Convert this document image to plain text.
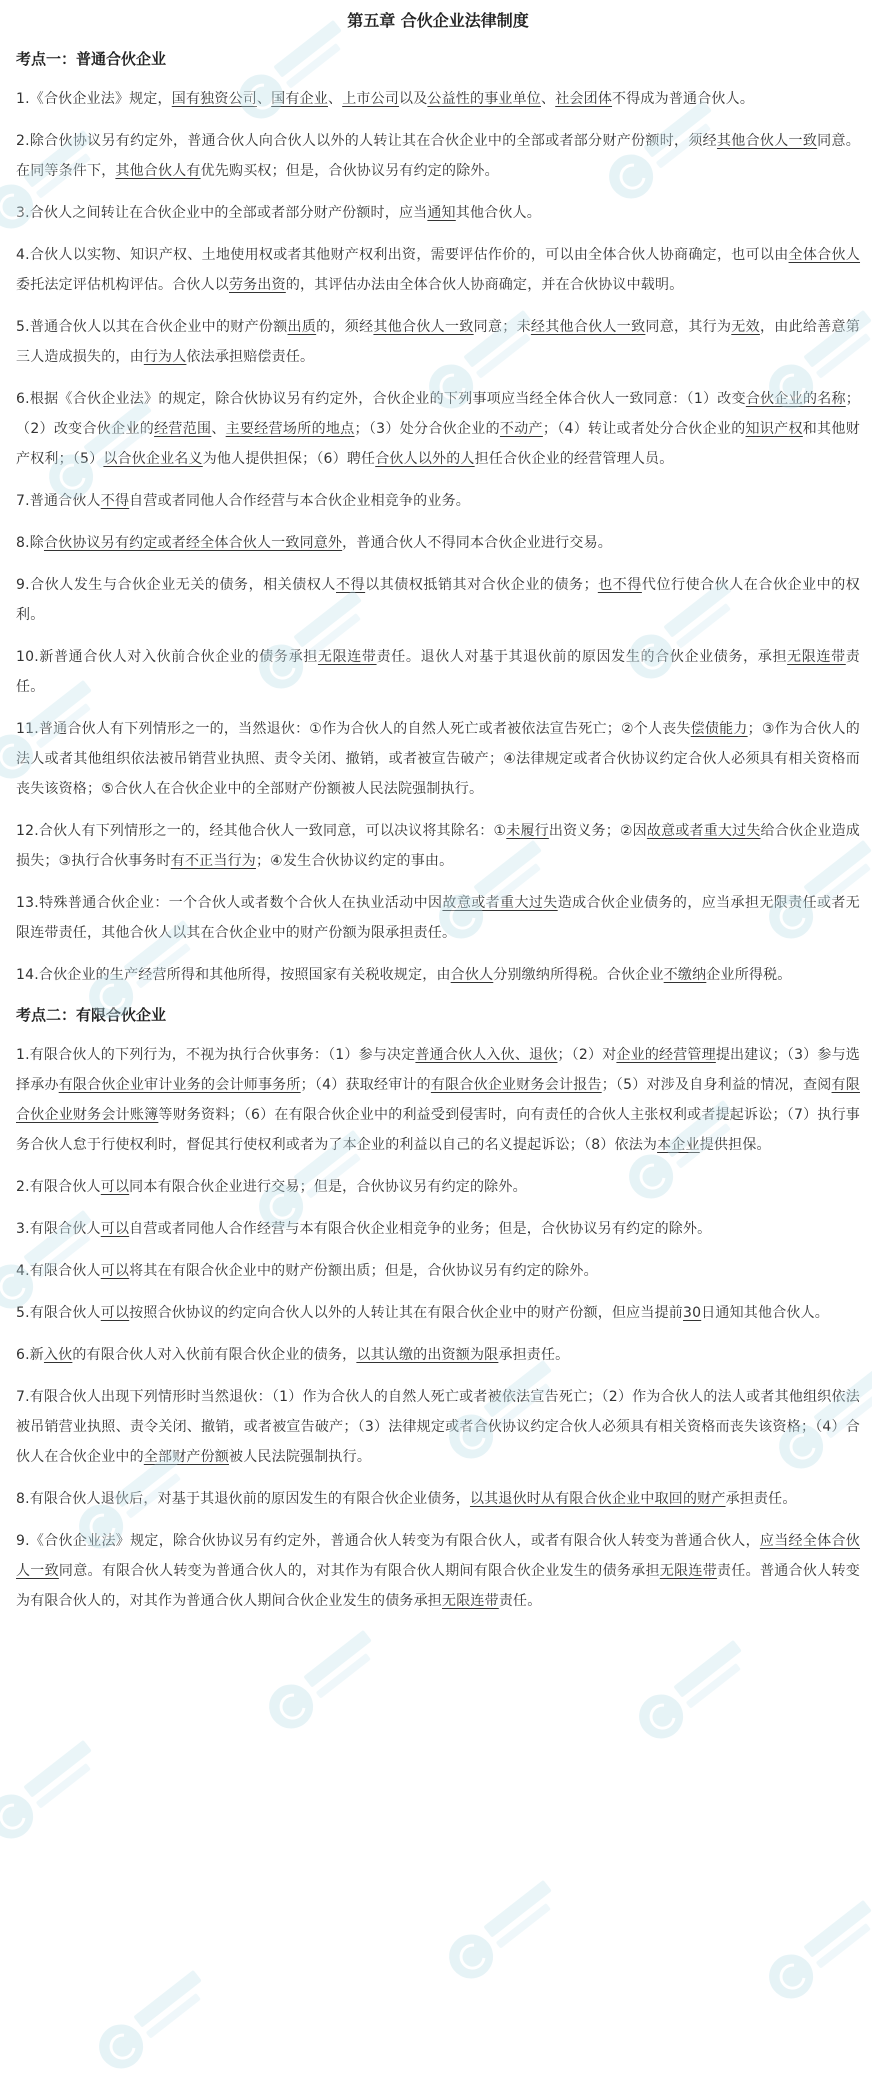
第五章 合伙企业法律制度
考点一：普通合伙企业

1.《合伙企业法》规定，国有独资公司、国有企业、上市公司以及公益性的事业单位、社会团体不得成为普通合伙人。

2.除合伙协议另有约定外，普通合伙人向合伙人以外的人转让其在合伙企业中的全部或者部分财产份额时，须经其他合伙人一致同意。在同等条件下，其他合伙人有优先购买权；但是，合伙协议另有约定的除外。

3.合伙人之间转让在合伙企业中的全部或者部分财产份额时，应当通知其他合伙人。

4.合伙人以实物、知识产权、土地使用权或者其他财产权利出资，需要评估作价的，可以由全体合伙人协商确定，也可以由全体合伙人委托法定评估机构评估。合伙人以劳务出资的，其评估办法由全体合伙人协商确定，并在合伙协议中载明。

5.普通合伙人以其在合伙企业中的财产份额出质的，须经其他合伙人一致同意；未经其他合伙人一致同意，其行为无效，由此给善意第三人造成损失的，由行为人依法承担赔偿责任。

6.根据《合伙企业法》的规定，除合伙协议另有约定外，合伙企业的下列事项应当经全体合伙人一致同意：（1）改变合伙企业的名称；（2）改变合伙企业的经营范围、主要经营场所的地点；（3）处分合伙企业的不动产；（4）转让或者处分合伙企业的知识产权和其他财产权利；（5）以合伙企业名义为他人提供担保；（6）聘任合伙人以外的人担任合伙企业的经营管理人员。

7.普通合伙人不得自营或者同他人合作经营与本合伙企业相竞争的业务。

8.除合伙协议另有约定或者经全体合伙人一致同意外，普通合伙人不得同本合伙企业进行交易。

9.合伙人发生与合伙企业无关的债务，相关债权人不得以其债权抵销其对合伙企业的债务；也不得代位行使合伙人在合伙企业中的权利。

10.新普通合伙人对入伙前合伙企业的债务承担无限连带责任。退伙人对基于其退伙前的原因发生的合伙企业债务，承担无限连带责任。

11.普通合伙人有下列情形之一的，当然退伙：①作为合伙人的自然人死亡或者被依法宣告死亡；②个人丧失偿债能力；③作为合伙人的法人或者其他组织依法被吊销营业执照、责令关闭、撤销，或者被宣告破产；④法律规定或者合伙协议约定合伙人必须具有相关资格而丧失该资格；⑤合伙人在合伙企业中的全部财产份额被人民法院强制执行。

12.合伙人有下列情形之一的，经其他合伙人一致同意，可以决议将其除名：①未履行出资义务；②因故意或者重大过失给合伙企业造成损失；③执行合伙事务时有不正当行为；④发生合伙协议约定的事由。

13.特殊普通合伙企业：一个合伙人或者数个合伙人在执业活动中因故意或者重大过失造成合伙企业债务的，应当承担无限责任或者无限连带责任，其他合伙人以其在合伙企业中的财产份额为限承担责任。

14.合伙企业的生产经营所得和其他所得，按照国家有关税收规定，由合伙人分别缴纳所得税。合伙企业不缴纳企业所得税。

考点二：有限合伙企业

1.有限合伙人的下列行为，不视为执行合伙事务：（1）参与决定普通合伙人入伙、退伙；（2）对企业的经营管理提出建议；（3）参与选择承办有限合伙企业审计业务的会计师事务所；（4）获取经审计的有限合伙企业财务会计报告；（5）对涉及自身利益的情况，查阅有限合伙企业财务会计账簿等财务资料；（6）在有限合伙企业中的利益受到侵害时，向有责任的合伙人主张权利或者提起诉讼；（7）执行事务合伙人怠于行使权利时，督促其行使权利或者为了本企业的利益以自己的名义提起诉讼；（8）依法为本企业提供担保。

2.有限合伙人可以同本有限合伙企业进行交易；但是，合伙协议另有约定的除外。

3.有限合伙人可以自营或者同他人合作经营与本有限合伙企业相竞争的业务；但是，合伙协议另有约定的除外。

4.有限合伙人可以将其在有限合伙企业中的财产份额出质；但是，合伙协议另有约定的除外。

5.有限合伙人可以按照合伙协议的约定向合伙人以外的人转让其在有限合伙企业中的财产份额，但应当提前30日通知其他合伙人。

6.新入伙的有限合伙人对入伙前有限合伙企业的债务，以其认缴的出资额为限承担责任。

7.有限合伙人出现下列情形时当然退伙：（1）作为合伙人的自然人死亡或者被依法宣告死亡；（2）作为合伙人的法人或者其他组织依法被吊销营业执照、责令关闭、撤销，或者被宣告破产；（3）法律规定或者合伙协议约定合伙人必须具有相关资格而丧失该资格；（4）合伙人在合伙企业中的全部财产份额被人民法院强制执行。

8.有限合伙人退伙后，对基于其退伙前的原因发生的有限合伙企业债务，以其退伙时从有限合伙企业中取回的财产承担责任。

9.《合伙企业法》规定，除合伙协议另有约定外，普通合伙人转变为有限合伙人，或者有限合伙人转变为普通合伙人，应当经全体合伙人一致同意。有限合伙人转变为普通合伙人的，对其作为有限合伙人期间有限合伙企业发生的债务承担无限连带责任。普通合伙人转变为有限合伙人的，对其作为普通合伙人期间合伙企业发生的债务承担无限连带责任。
